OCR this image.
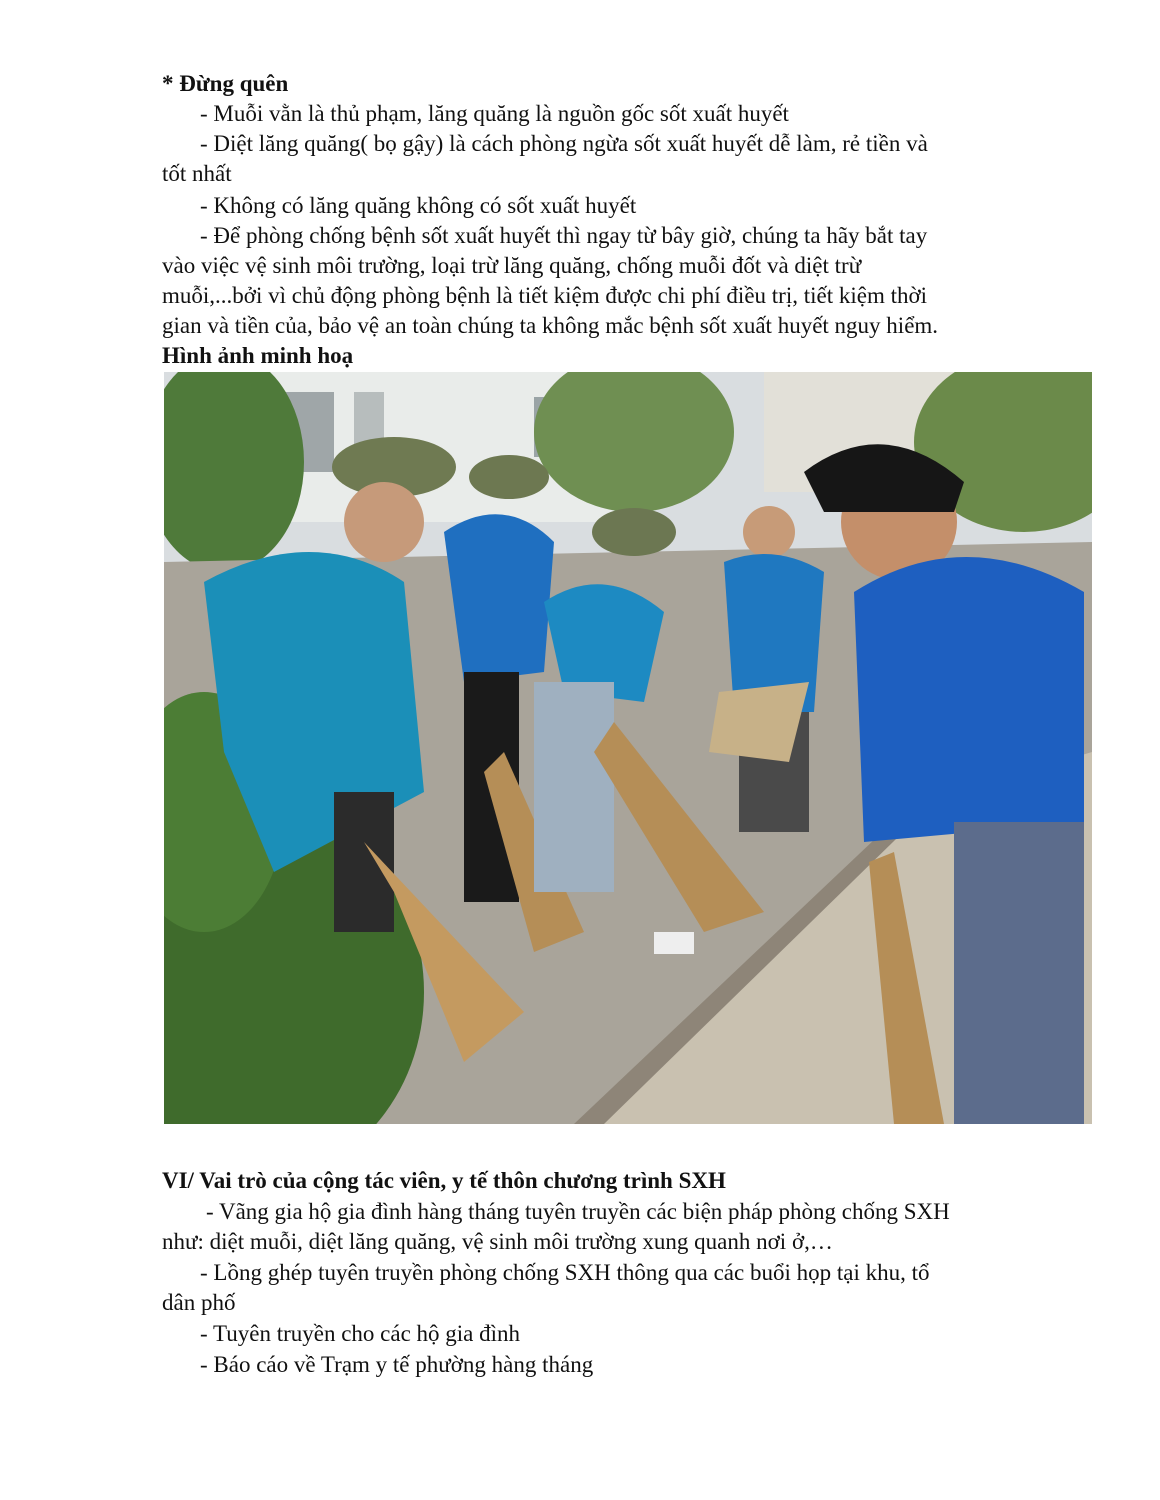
* Đừng quên
- Muỗi vằn là thủ phạm, lăng quăng là nguồn gốc sốt xuất huyết
- Diệt lăng quăng( bọ gậy) là cách phòng ngừa sốt xuất huyết dễ làm, rẻ tiền và
tốt nhất
- Không có lăng quăng không có sốt xuất huyết
- Để phòng chống bệnh sốt xuất huyết thì ngay từ bây giờ, chúng ta hãy bắt tay
vào việc vệ sinh môi trường, loại trừ lăng quăng, chống muỗi đốt và diệt trừ
muỗi,...bởi vì chủ động phòng bệnh là tiết kiệm được chi phí điều trị, tiết kiệm thời
gian và tiền của, bảo vệ an toàn chúng ta không mắc bệnh sốt xuất huyết nguy hiểm.
Hình ảnh minh hoạ
VI/ Vai trò của cộng tác viên, y tế thôn chương trình SXH
- Vãng gia hộ gia đình hàng tháng tuyên truyền các biện pháp phòng chống SXH
như: diệt muỗi, diệt lăng quăng, vệ sinh môi trường xung quanh nơi ở,…
- Lồng ghép tuyên truyền phòng chống SXH thông qua các buổi họp tại khu, tổ
dân phố
- Tuyên truyền cho các hộ gia đình
- Báo cáo về Trạm y tế phường hàng tháng
